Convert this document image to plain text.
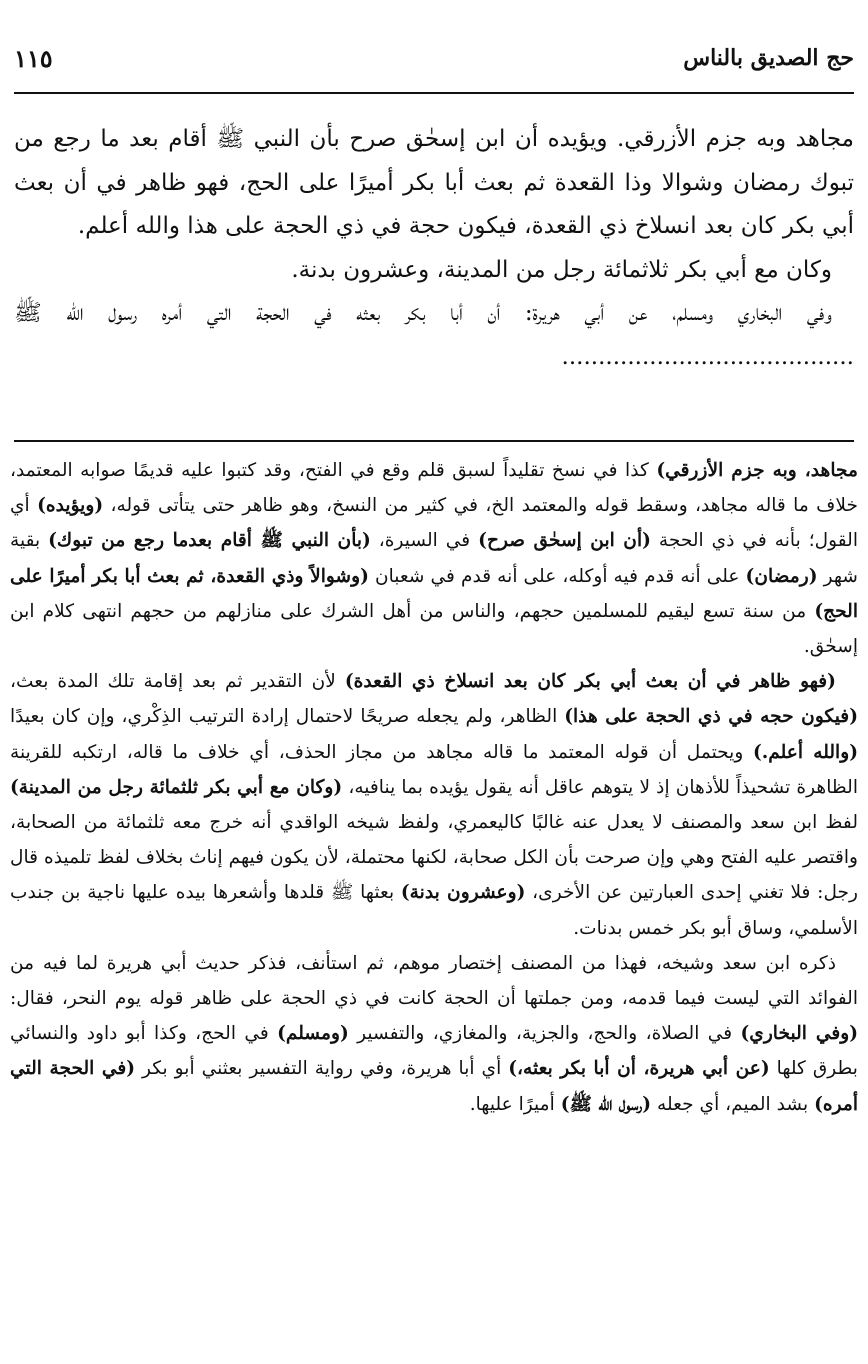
حج الصديق بالناس
١١٥

مجاهد وبه جزم الأزرقي. ويؤيده أن ابن إسحٰق صرح بأن النبي ﷺ أقام بعد ما رجع من تبوك رمضان وشوالا وذا القعدة ثم بعث أبا بكر أميرًا على الحج، فهو ظاهر في أن بعث أبي بكر كان بعد انسلاخ ذي القعدة، فيكون حجة في ذي الحجة على هذا والله أعلم.

وكان مع أبي بكر ثلاثمائة رجل من المدينة، وعشرون بدنة.

وفي البخاري ومسلم، عن أبي هريرة: أن أبا بكر بعثه في الحجة التي أمره رسول الله ﷺ ........................................

مجاهد، وبه جزم الأزرقي) كذا في نسخ تقليداً لسبق قلم وقع في الفتح، وقد كتبوا عليه قديمًا صوابه المعتمد، خلاف ما قاله مجاهد، وسقط قوله والمعتمد الخ، في كثير من النسخ، وهو ظاهر حتى يتأتى قوله، (ويؤيده) أي القول؛ بأنه في ذي الحجة (أن ابن إسحٰق صرح) في السيرة، (بأن النبي ﷺ أقام بعدما رجع من تبوك) بقية شهر (رمضان) على أنه قدم فيه أوكله، على أنه قدم في شعبان (وشوالاً وذي القعدة، ثم بعث أبا بكر أميرًا على الحج) من سنة تسع ليقيم للمسلمين حجهم، والناس من أهل الشرك على منازلهم من حجهم انتهى كلام ابن إسحٰق.

(فهو ظاهر في أن بعث أبي بكر كان بعد انسلاخ ذي القعدة) لأن التقدير ثم بعد إقامة تلك المدة بعث، (فيكون حجه في ذي الحجة على هذا) الظاهر، ولم يجعله صريحًا لاحتمال إرادة الترتيب الذِكْري، وإن كان بعيدًا (والله أعلم.) ويحتمل أن قوله المعتمد ما قاله مجاهد من مجاز الحذف، أي خلاف ما قاله، ارتكبه للقرينة الظاهرة تشحيذاً للأذهان إذ لا يتوهم عاقل أنه يقول يؤيده بما ينافيه، (وكان مع أبي بكر ثلثمائة رجل من المدينة) لفظ ابن سعد والمصنف لا يعدل عنه غالبًا كاليعمري، ولفظ شيخه الواقدي أنه خرج معه ثلثمائة من الصحابة، واقتصر عليه الفتح وهي وإن صرحت بأن الكل صحابة، لكنها محتملة، لأن يكون فيهم إناث بخلاف لفظ تلميذه قال رجل: فلا تغني إحدى العبارتين عن الأخرى، (وعشرون بدنة) بعثها ﷺ قلدها وأشعرها بيده عليها ناجية بن جندب الأسلمي، وساق أبو بكر خمس بدنات.

ذكره ابن سعد وشيخه، فهذا من المصنف إختصار موهم، ثم استأنف، فذكر حديث أبي هريرة لما فيه من الفوائد التي ليست فيما قدمه، ومن جملتها أن الحجة كانت في ذي الحجة على ظاهر قوله يوم النحر، فقال: (وفي البخاري) في الصلاة، والحج، والجزية، والمغازي، والتفسير (ومسلم) في الحج، وكذا أبو داود والنسائي بطرق كلها (عن أبي هريرة، أن أبا بكر بعثه،) أي أبا هريرة، وفي رواية التفسير بعثني أبو بكر (في الحجة التي أمره) بشد الميم، أي جعله (رسول الله ﷺ) أميرًا عليها.
